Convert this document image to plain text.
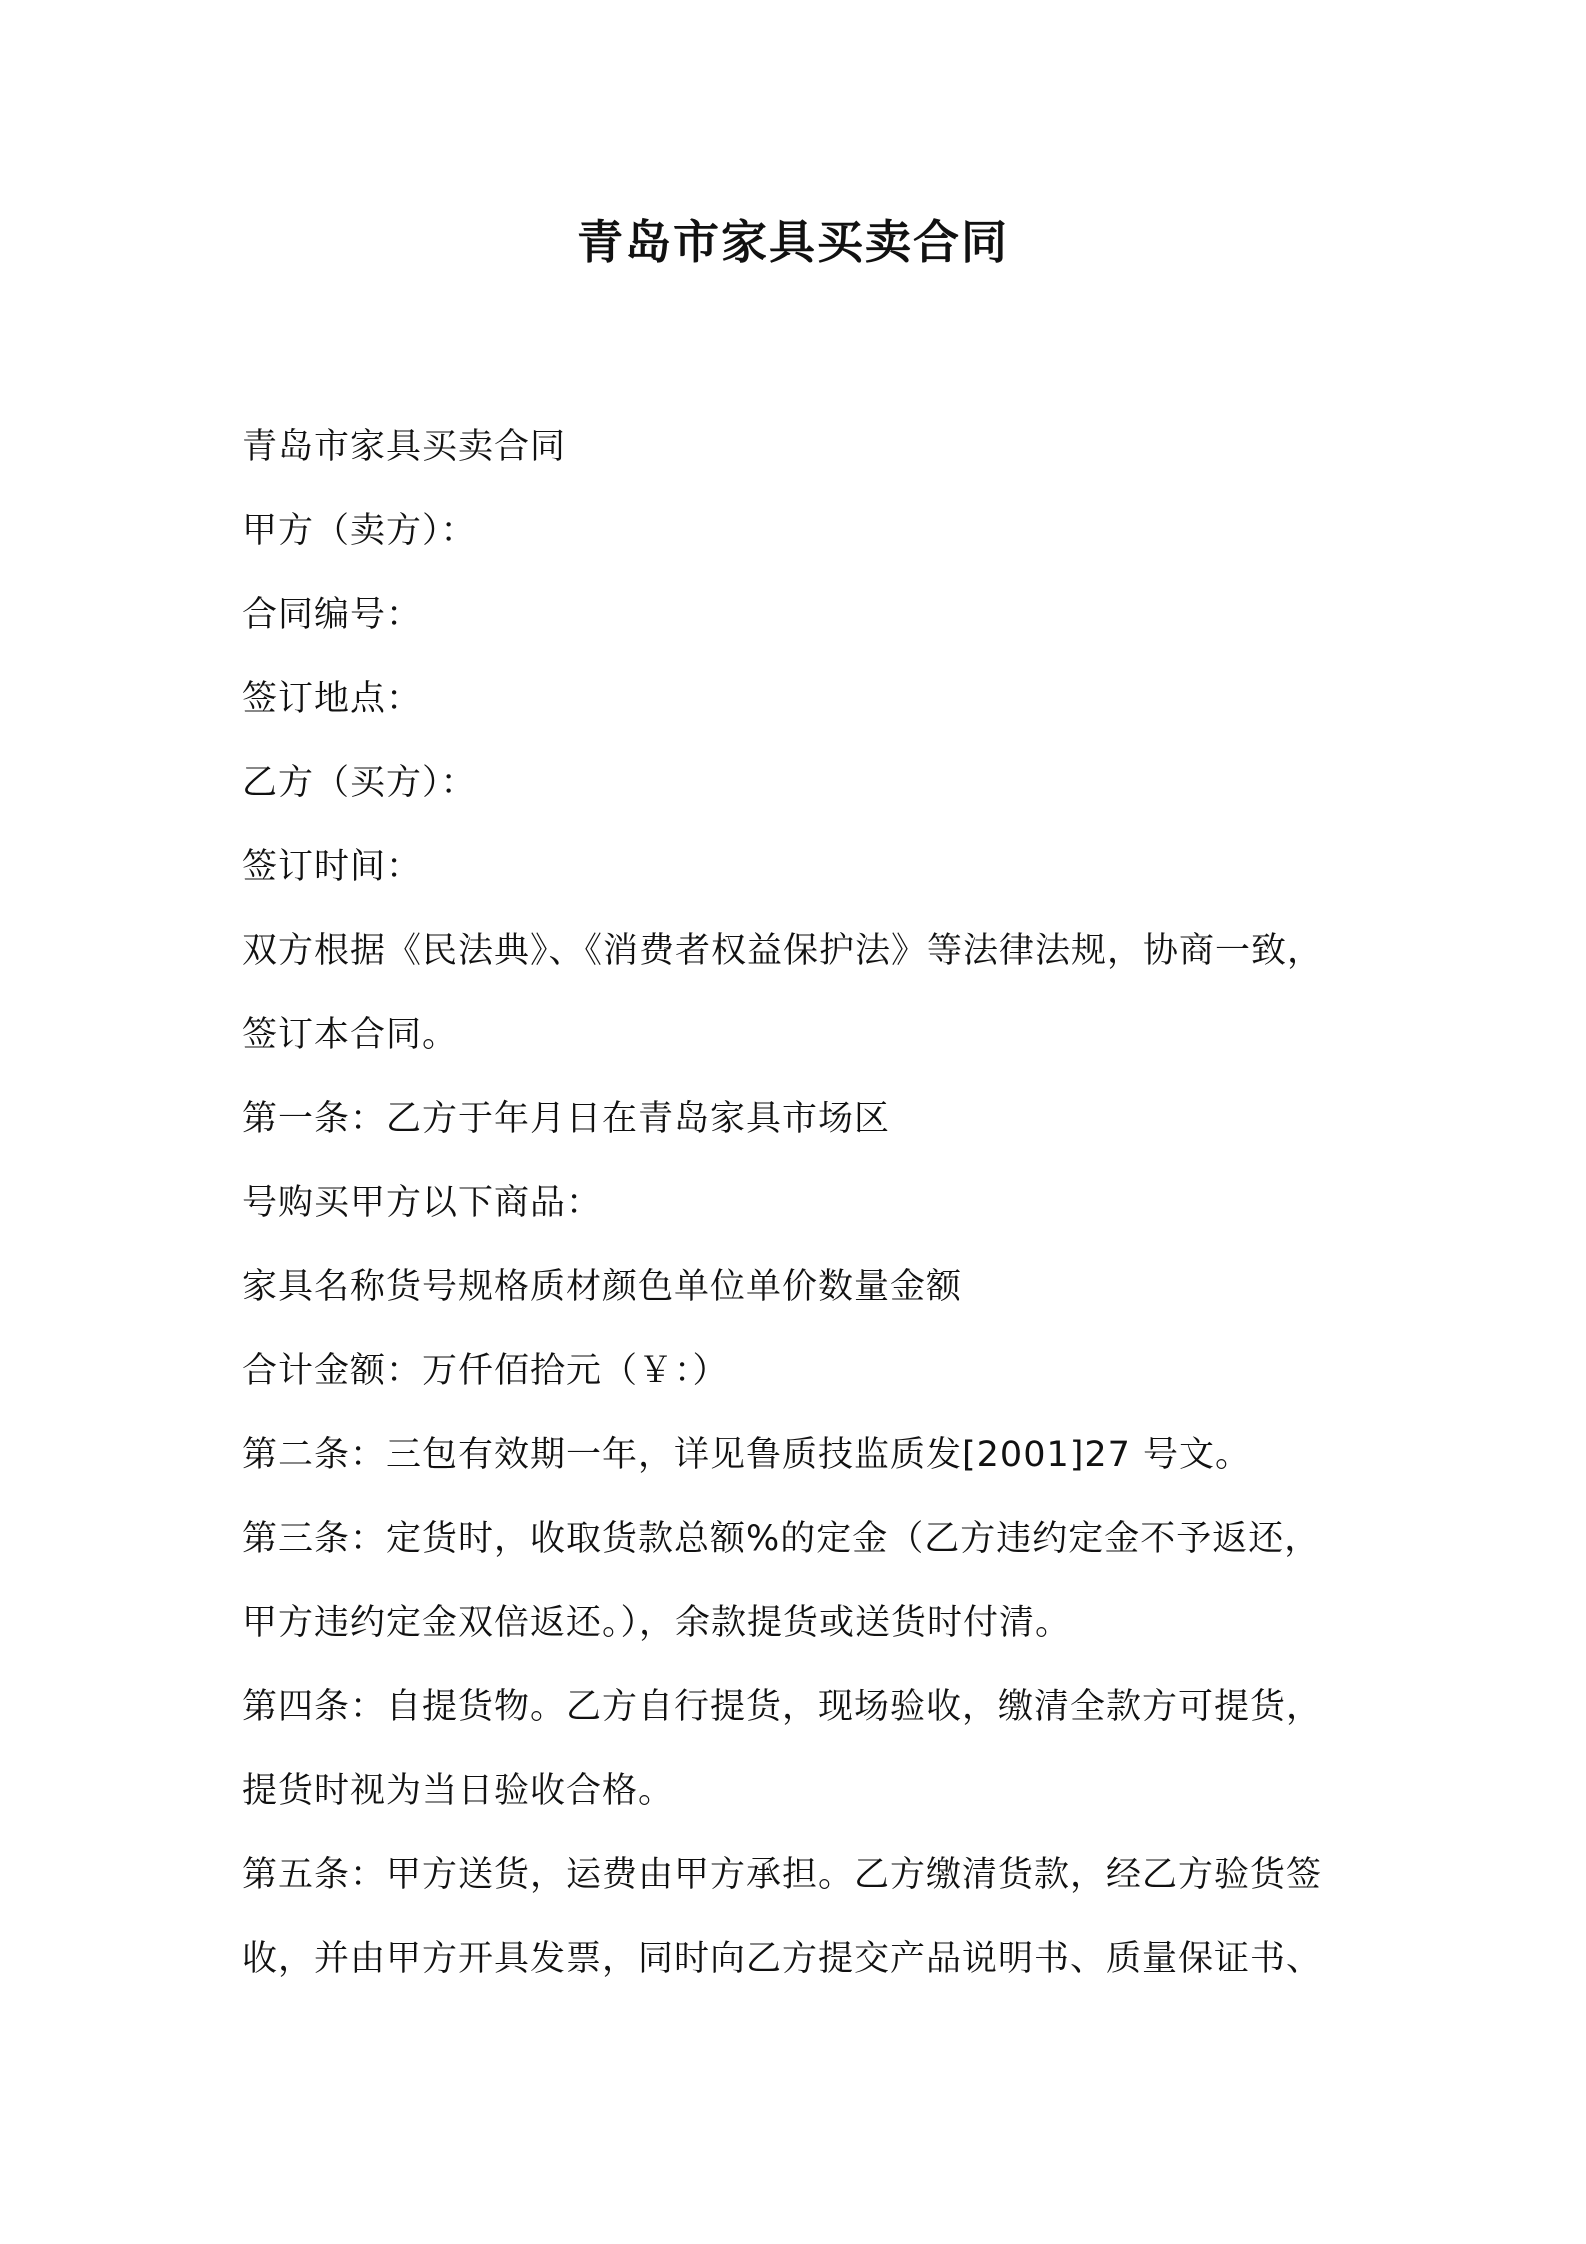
青岛市家具买卖合同
青岛市家具买卖合同
甲方（卖方）：
合同编号：
签订地点：
乙方（买方）：
签订时间：
双方根据《民法典》、《消费者权益保护法》等法律法规，协商一致，
签订本合同。
第一条：乙方于年月日在青岛家具市场区
号购买甲方以下商品：
家具名称货号规格质材颜色单位单价数量金额
合计金额：万仟佰拾元（￥：）
第二条：三包有效期一年，详见鲁质技监质发[2001]27 号文。
第三条：定货时，收取货款总额%的定金（乙方违约定金不予返还，
甲方违约定金双倍返还。），余款提货或送货时付清。
第四条：自提货物。乙方自行提货，现场验收，缴清全款方可提货，
提货时视为当日验收合格。
第五条：甲方送货，运费由甲方承担。乙方缴清货款，经乙方验货签
收，并由甲方开具发票，同时向乙方提交产品说明书、质量保证书、
